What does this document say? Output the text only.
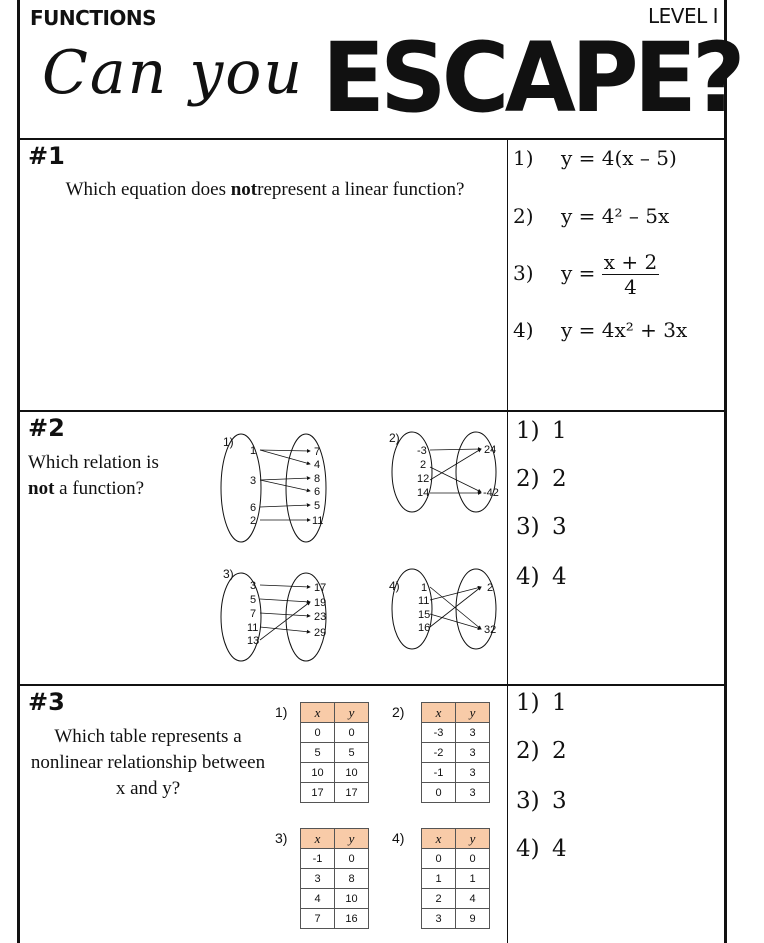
FUNCTIONS	LEVEL I
Can you ESCAPE?
#1
Which equation does notrepresent a linear function?
1) y = 4(x – 5)
2) y = 4² – 5x
3) $y = \frac{x + 2}{4}$
4) y = 4x² + 3x
#2
Which relation is
not a function?
1)
1
3
6
2
7
4
8
6
5
11
2)
-3
2
12
14
24
-42
3)
3
5
7
11
13
17
19
23
29
4) 1
11
15
16
2
32
1) 1
2) 2
3) 3
4) 4
#3
Which table represents a nonlinear relationship between x and y?
1) x	y
0	0
5	5
10	10
17	17
2) x	y
-3	3
-2	3
-1	3
0	3
3) x	y
-1	0
3	8
4	10
7	16
4) x	y
0	0
1	1
2	4
3	9
1) 1
2) 2
3) 3
4) 4
